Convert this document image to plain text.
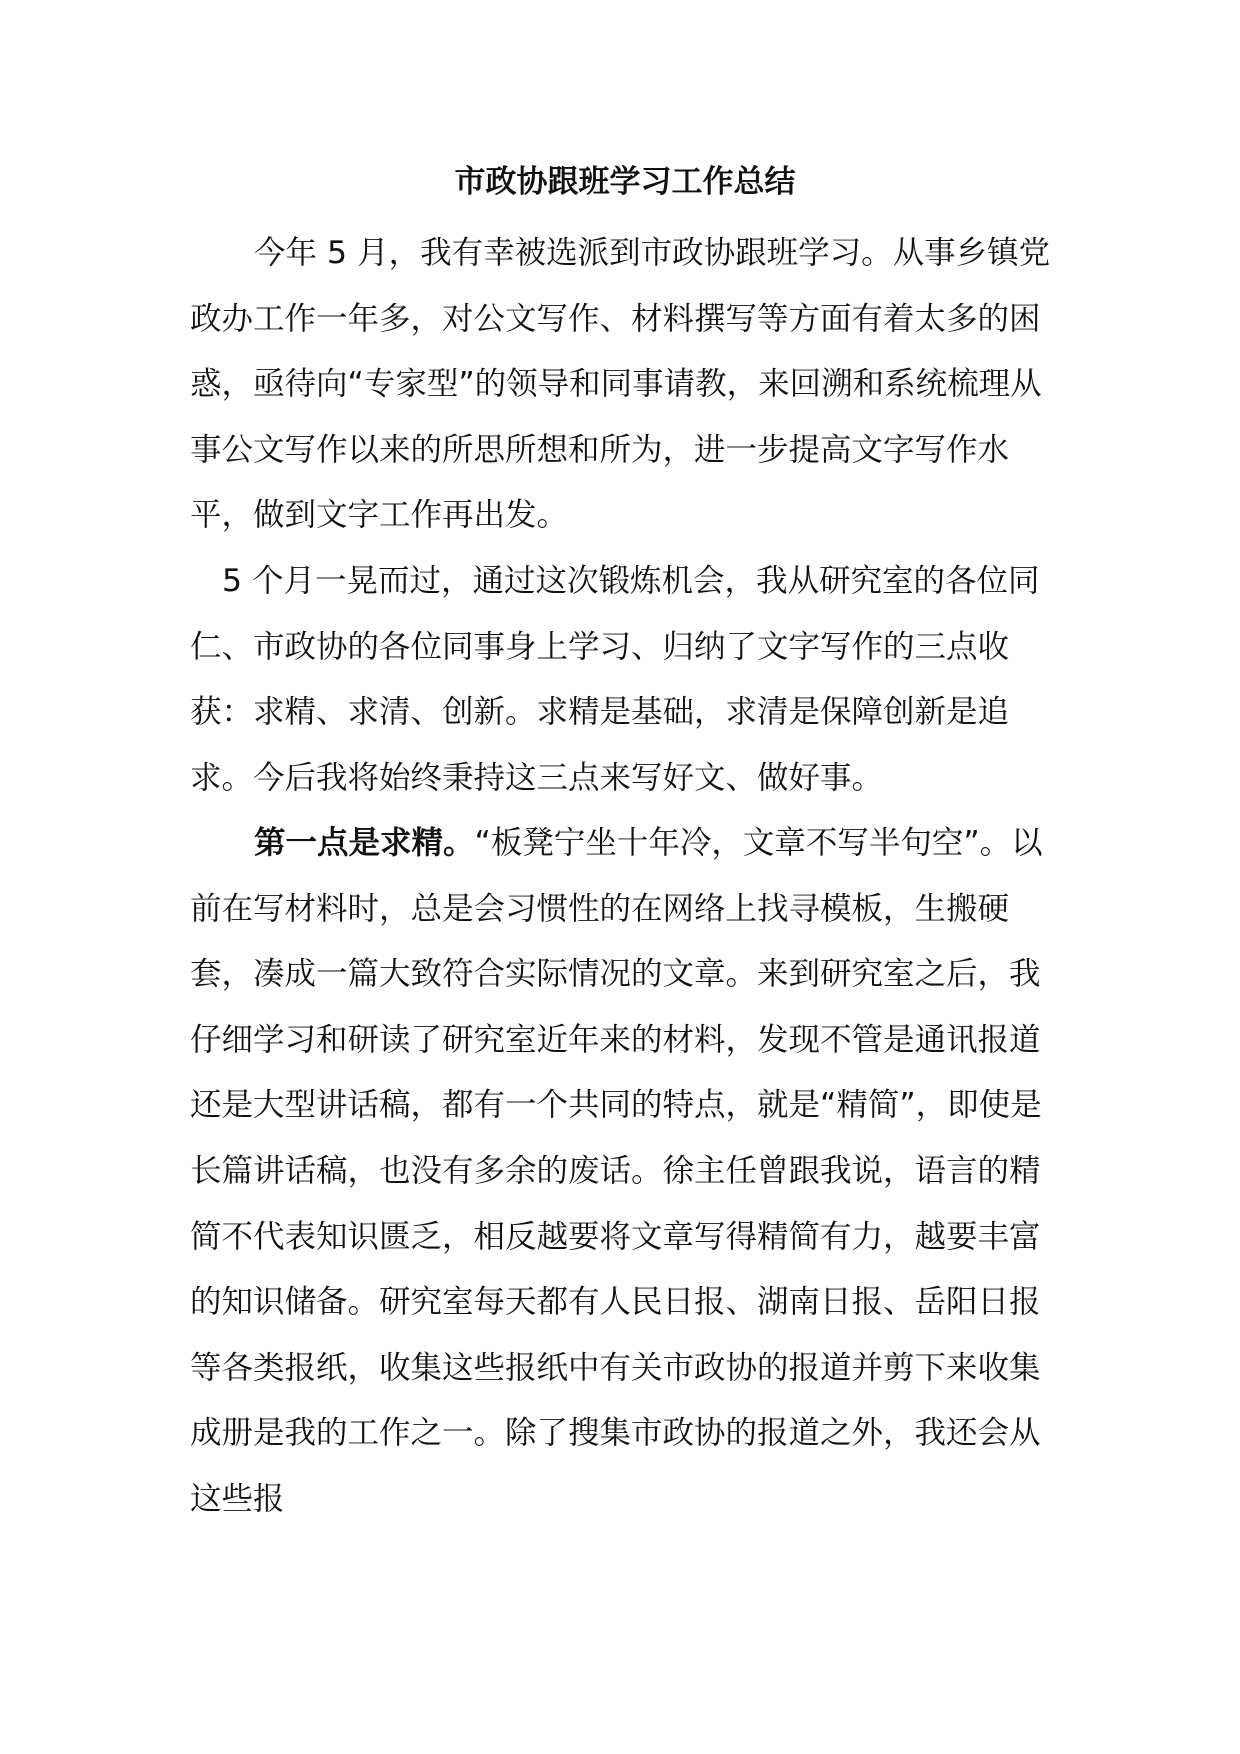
市政协跟班学习工作总结

今年 5 月，我有幸被选派到市政协跟班学习。从事乡镇党政办工作一年多，对公文写作、材料撰写等方面有着太多的困惑，亟待向“专家型”的领导和同事请教，来回溯和系统梳理从事公文写作以来的所思所想和所为，进一步提高文字写作水平，做到文字工作再出发。

5 个月一晃而过，通过这次锻炼机会，我从研究室的各位同仁、市政协的各位同事身上学习、归纳了文字写作的三点收获：求精、求清、创新。求精是基础，求清是保障创新是追求。今后我将始终秉持这三点来写好文、做好事。

第一点是求精。“板凳宁坐十年冷，文章不写半句空”。以前在写材料时，总是会习惯性的在网络上找寻模板，生搬硬套，凑成一篇大致符合实际情况的文章。来到研究室之后，我仔细学习和研读了研究室近年来的材料，发现不管是通讯报道还是大型讲话稿，都有一个共同的特点，就是“精简”，即使是长篇讲话稿，也没有多余的废话。徐主任曾跟我说，语言的精简不代表知识匮乏，相反越要将文章写得精简有力，越要丰富的知识储备。研究室每天都有人民日报、湖南日报、岳阳日报等各类报纸，收集这些报纸中有关市政协的报道并剪下来收集成册是我的工作之一。除了搜集市政协的报道之外，我还会从这些报
